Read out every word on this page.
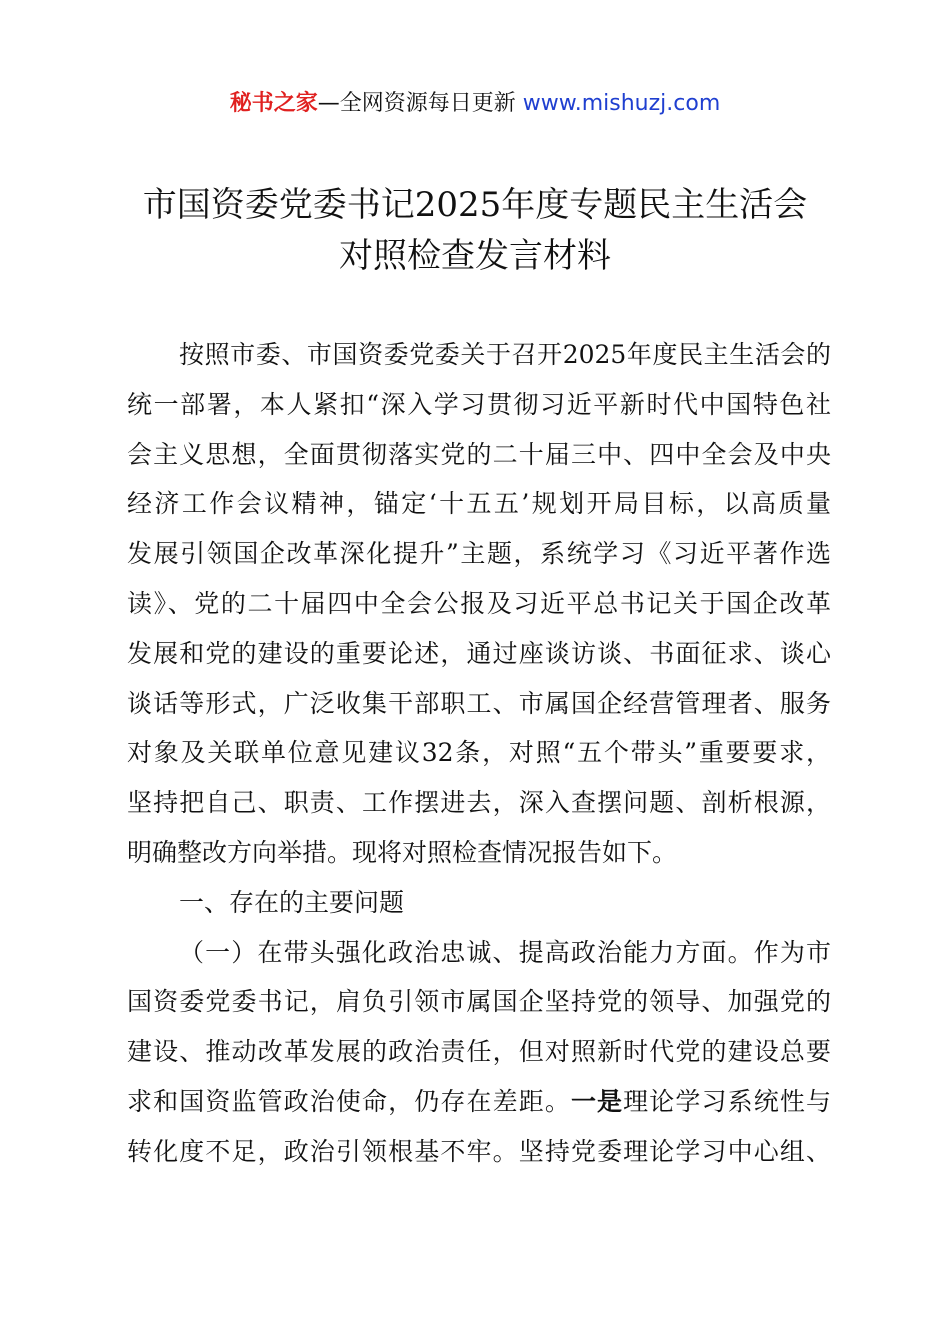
秘书之家—全网资源每日更新 www.mishuzj.com
市国资委党委书记2025年度专题民主生活会
对照检查发言材料
按照市委、市国资委党委关于召开2025年度民主生活会的
统一部署，本人紧扣“深入学习贯彻习近平新时代中国特色社
会主义思想，全面贯彻落实党的二十届三中、四中全会及中央
经济工作会议精神，锚定‘十五五’规划开局目标，以高质量
发展引领国企改革深化提升”主题，系统学习《习近平著作选
读》、党的二十届四中全会公报及习近平总书记关于国企改革
发展和党的建设的重要论述，通过座谈访谈、书面征求、谈心
谈话等形式，广泛收集干部职工、市属国企经营管理者、服务
对象及关联单位意见建议32条，对照“五个带头”重要要求，
坚持把自己、职责、工作摆进去，深入查摆问题、剖析根源，
明确整改方向举措。现将对照检查情况报告如下。
一、存在的主要问题
（一）在带头强化政治忠诚、提高政治能力方面。作为市
国资委党委书记，肩负引领市属国企坚持党的领导、加强党的
建设、推动改革发展的政治责任，但对照新时代党的建设总要
求和国资监管政治使命，仍存在差距。一是理论学习系统性与
转化度不足，政治引领根基不牢。坚持党委理论学习中心组、
